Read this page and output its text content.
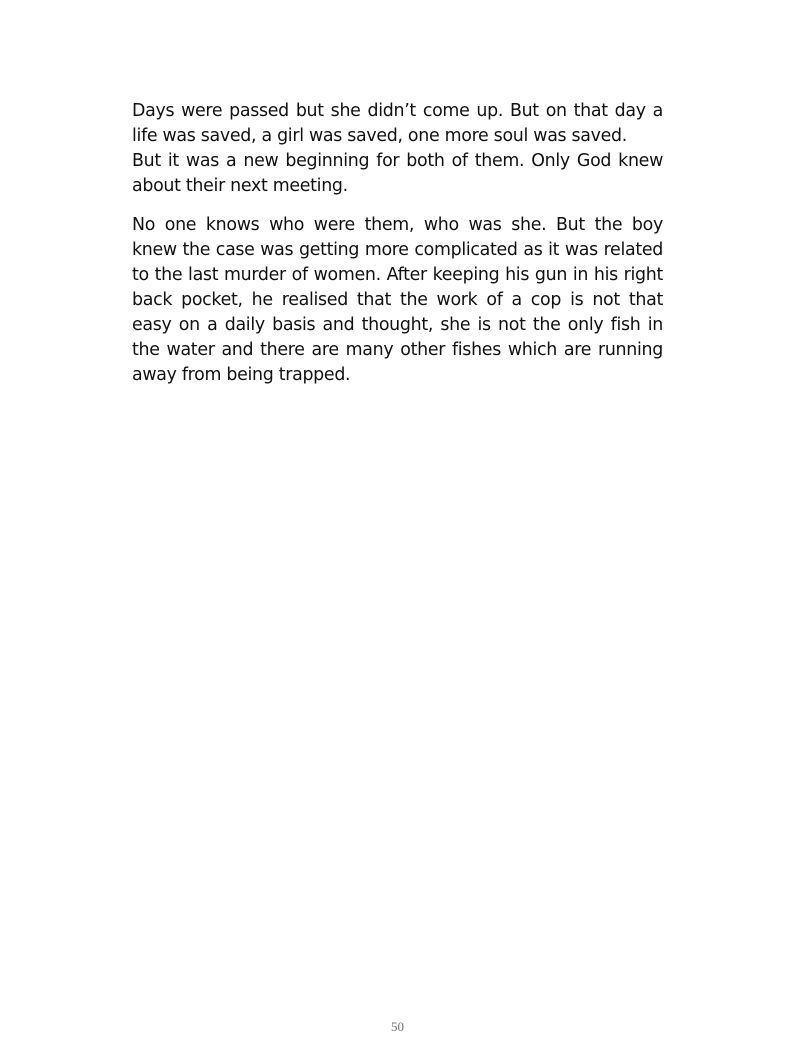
Days were passed but she didn’t come up. But on that day a life was saved, a girl was saved, one more soul was saved.

But it was a new beginning for both of them. Only God knew about their next meeting.

No one knows who were them, who was she. But the boy knew the case was getting more complicated as it was related to the last murder of women. After keeping his gun in his right back pocket, he realised that the work of a cop is not that easy on a daily basis and thought, she is not the only fish in the water and there are many other fishes which are running away from being trapped.

50
